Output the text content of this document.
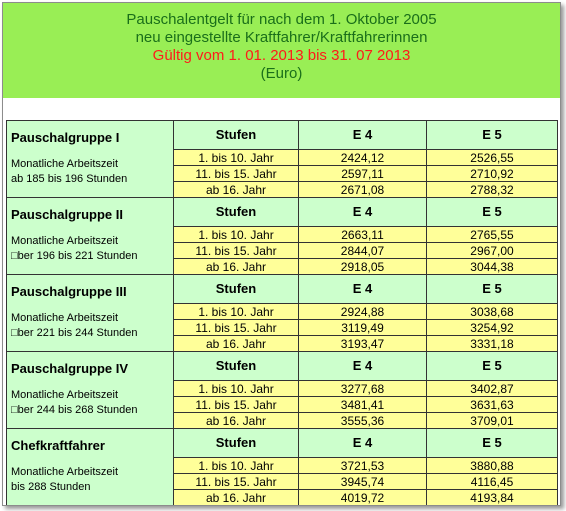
Pauschalentgelt für nach dem 1. Oktober 2005
neu eingestellte Kraftfahrer/Kraftfahrerinnen
Gültig vom 1. 01. 2013 bis 31. 07 2013
(Euro)
Pauschalgruppe I
Monatliche Arbeitszeit
ab 185 bis 196 Stunden	Stufen	E 4	E 5
	1. bis 10. Jahr	2424,12	2526,55
	11. bis 15. Jahr	2597,11	2710,92
	ab 16. Jahr	2671,08	2788,32

Pauschalgruppe II
Monatliche Arbeitszeit
□ber 196 bis 221 Stunden	Stufen	E 4	E 5
	1. bis 10. Jahr	2663,11	2765,55
	11. bis 15. Jahr	2844,07	2967,00
	ab 16. Jahr	2918,05	3044,38

Pauschalgruppe III
Monatliche Arbeitszeit
□ber 221 bis 244 Stunden	Stufen	E 4	E 5
	1. bis 10. Jahr	2924,88	3038,68
	11. bis 15. Jahr	3119,49	3254,92
	ab 16. Jahr	3193,47	3331,18

Pauschalgruppe IV
Monatliche Arbeitszeit
□ber 244 bis 268 Stunden	Stufen	E 4	E 5
	1. bis 10. Jahr	3277,68	3402,87
	11. bis 15. Jahr	3481,41	3631,63
	ab 16. Jahr	3555,36	3709,01

Chefkraftfahrer
Monatliche Arbeitszeit
bis 288 Stunden	Stufen	E 4	E 5
	1. bis 10. Jahr	3721,53	3880,88
	11. bis 15. Jahr	3945,74	4116,45
	ab 16. Jahr	4019,72	4193,84
